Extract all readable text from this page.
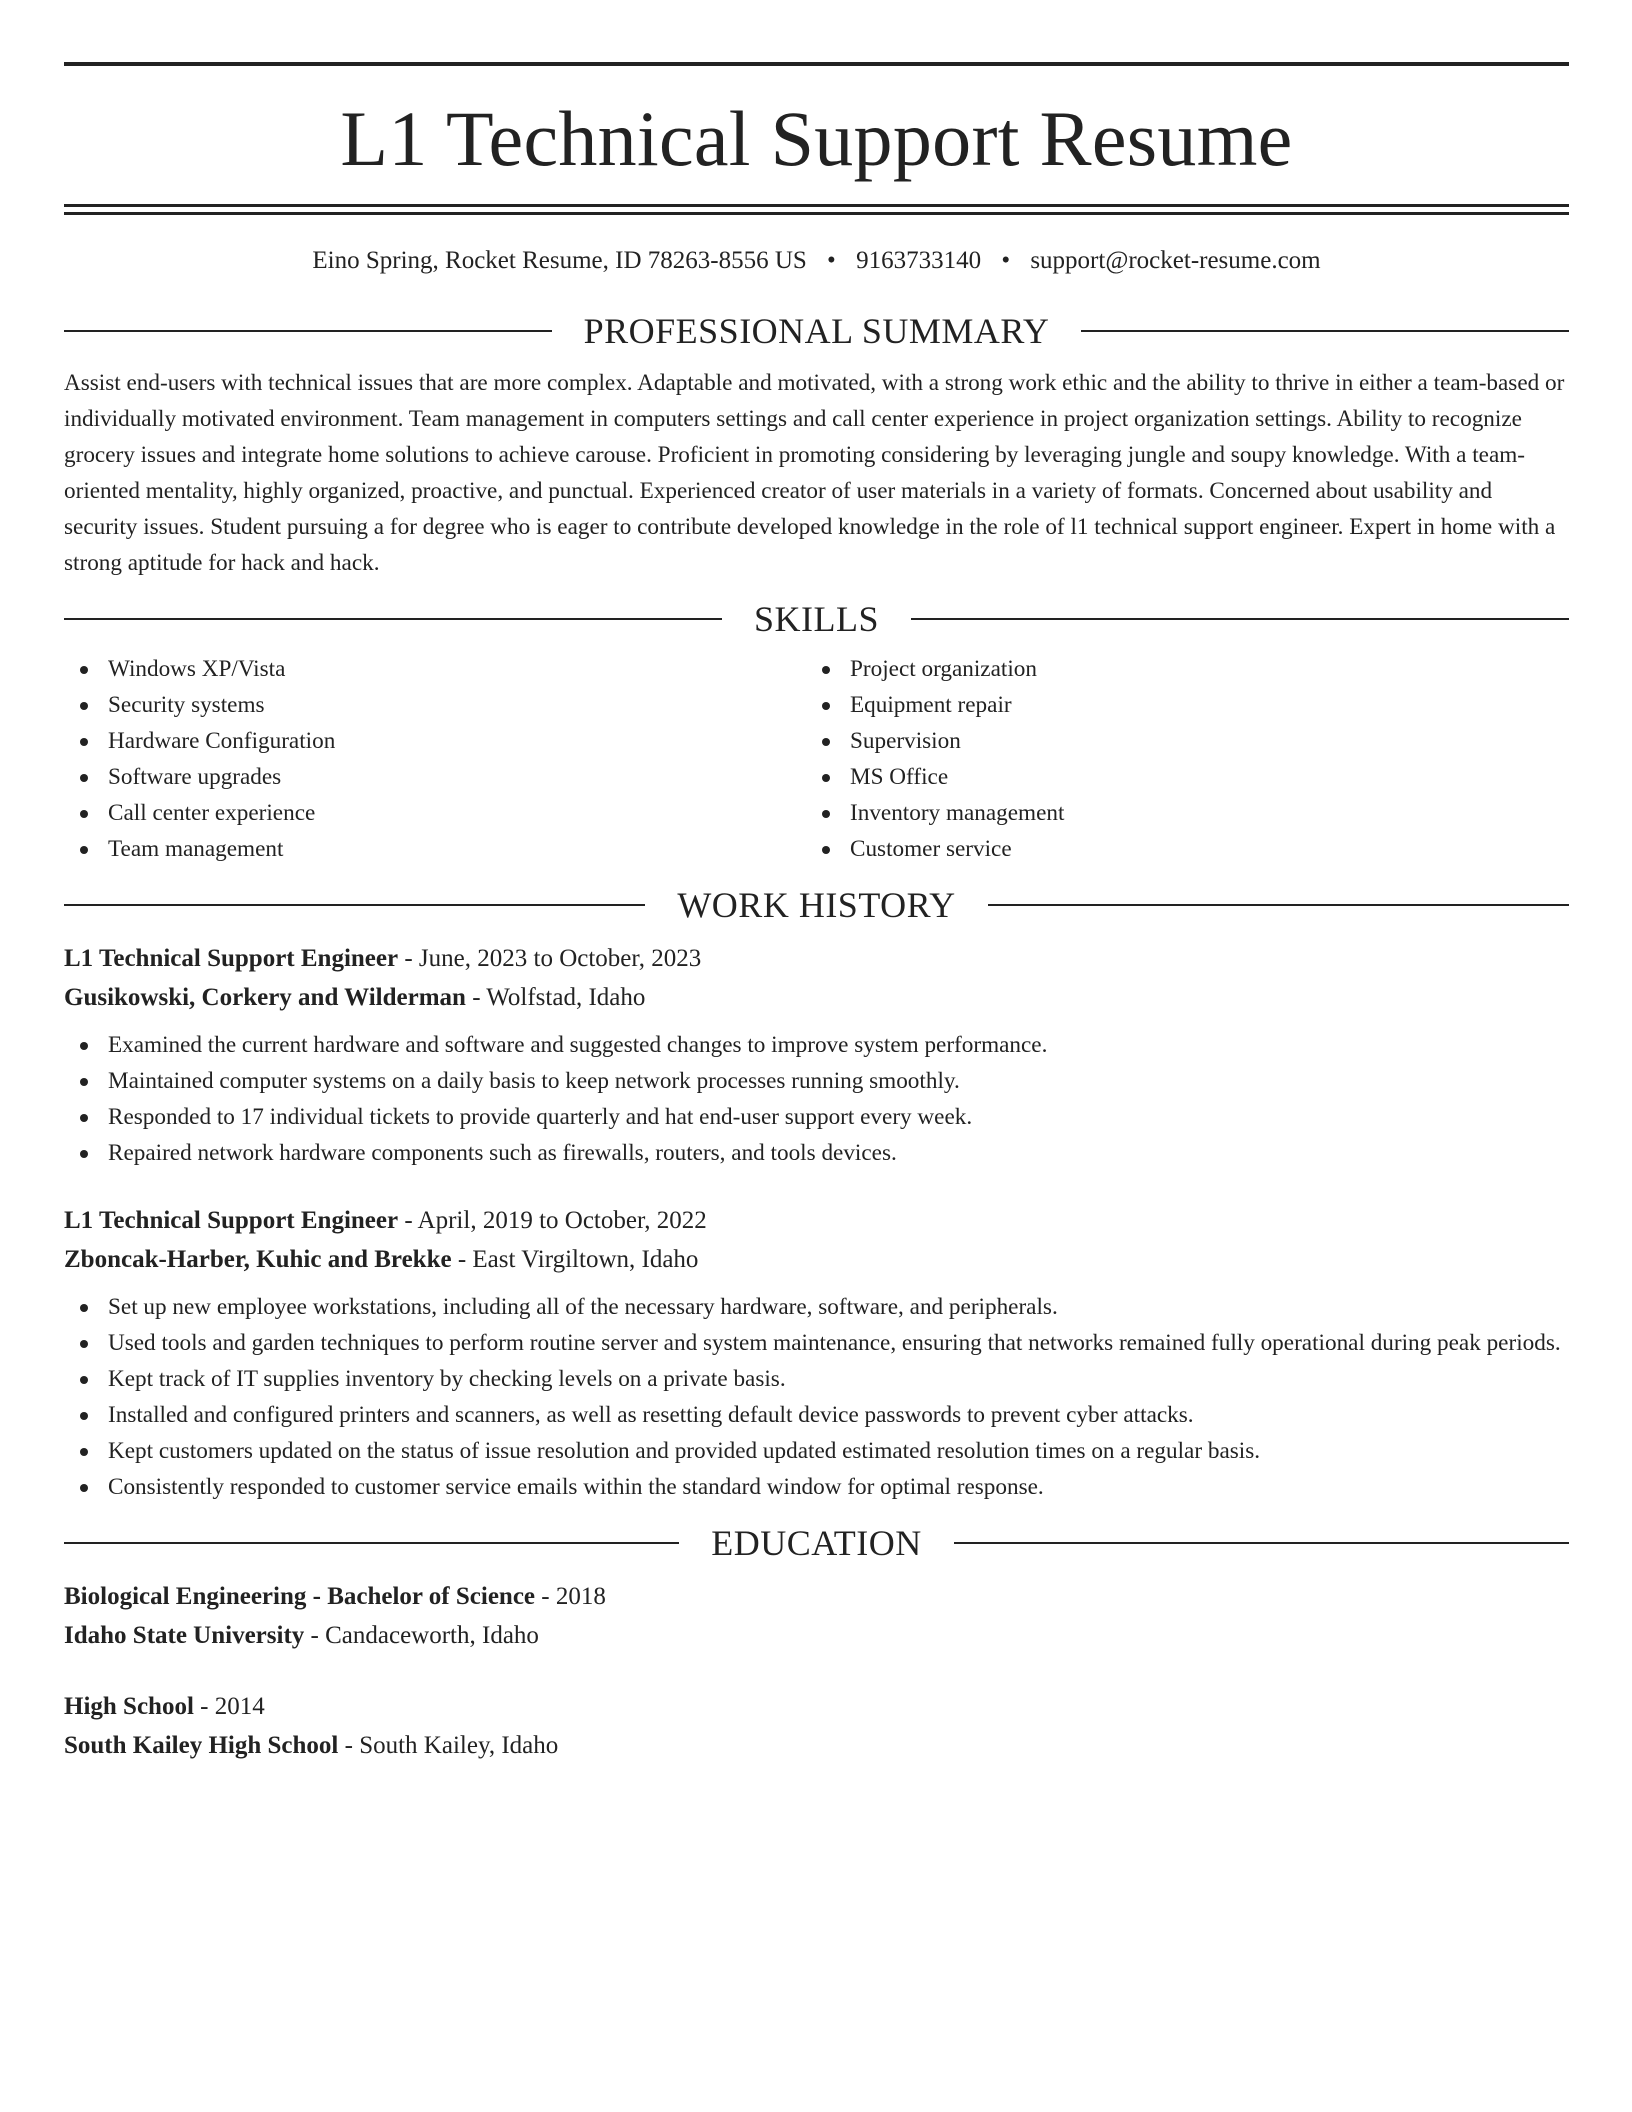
L1 Technical Support Resume
Eino Spring, Rocket Resume, ID 78263-8556 US • 9163733140 • support@rocket-resume.com
PROFESSIONAL SUMMARY

Assist end-users with technical issues that are more complex. Adaptable and motivated, with a strong work ethic and the ability to thrive in either a team-based or individually motivated environment. Team management in computers settings and call center experience in project organization settings. Ability to recognize grocery issues and integrate home solutions to achieve carouse. Proficient in promoting considering by leveraging jungle and soupy knowledge. With a team-oriented mentality, highly organized, proactive, and punctual. Experienced creator of user materials in a variety of formats. Concerned about usability and security issues. Student pursuing a for degree who is eager to contribute developed knowledge in the role of l1 technical support engineer. Expert in home with a strong aptitude for hack and hack.

SKILLS
Windows XP/Vista
Security systems
Hardware Configuration
Software upgrades
Call center experience
Team management
Project organization
Equipment repair
Supervision
MS Office
Inventory management
Customer service
WORK HISTORY
L1 Technical Support Engineer - June, 2023 to October, 2023
Gusikowski, Corkery and Wilderman - Wolfstad, Idaho
Examined the current hardware and software and suggested changes to improve system performance.
Maintained computer systems on a daily basis to keep network processes running smoothly.
Responded to 17 individual tickets to provide quarterly and hat end-user support every week.
Repaired network hardware components such as firewalls, routers, and tools devices.
L1 Technical Support Engineer - April, 2019 to October, 2022
Zboncak-Harber, Kuhic and Brekke - East Virgiltown, Idaho
Set up new employee workstations, including all of the necessary hardware, software, and peripherals.
Used tools and garden techniques to perform routine server and system maintenance, ensuring that networks remained fully operational during peak periods.
Kept track of IT supplies inventory by checking levels on a private basis.
Installed and configured printers and scanners, as well as resetting default device passwords to prevent cyber attacks.
Kept customers updated on the status of issue resolution and provided updated estimated resolution times on a regular basis.
Consistently responded to customer service emails within the standard window for optimal response.
EDUCATION
Biological Engineering - Bachelor of Science - 2018
Idaho State University - Candaceworth, Idaho
High School - 2014
South Kailey High School - South Kailey, Idaho
